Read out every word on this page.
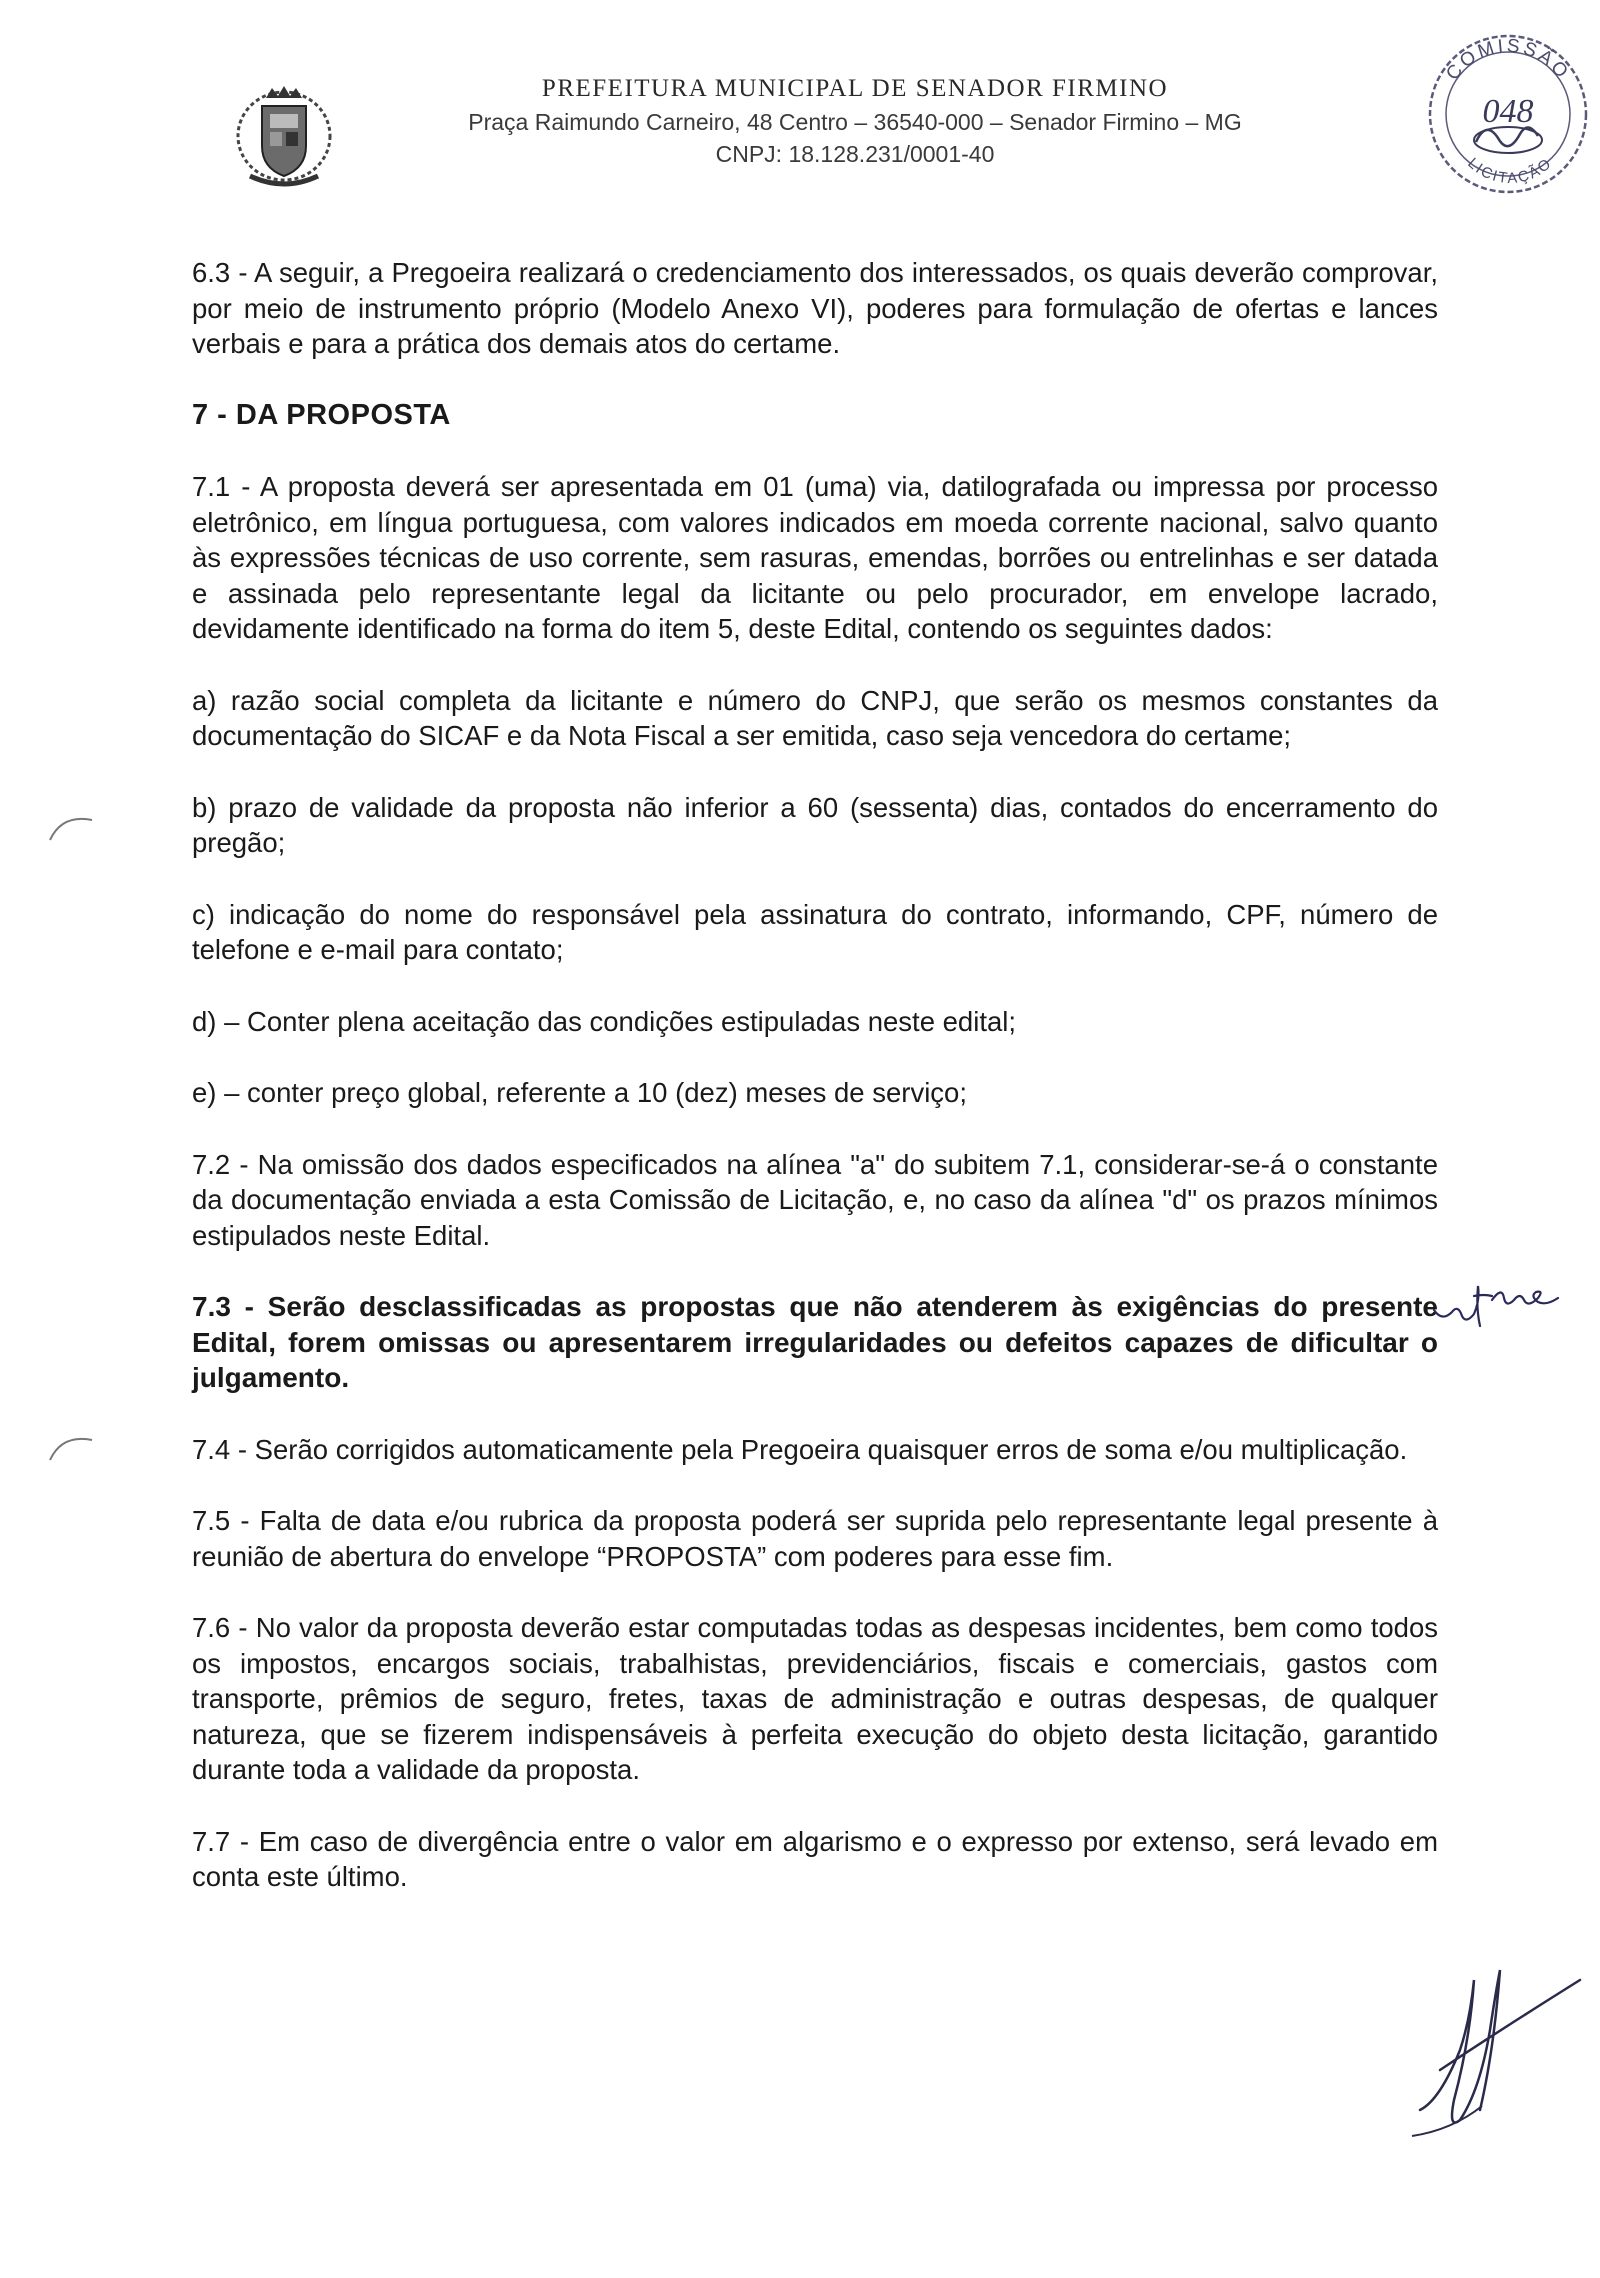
PREFEITURA MUNICIPAL DE SENADOR FIRMINO
Praça Raimundo Carneiro, 48 Centro – 36540-000 – Senador Firmino – MG
CNPJ: 18.128.231/0001-40
COMISSÃO
LICITAÇÃO
048

6.3 - A seguir, a Pregoeira realizará o credenciamento dos interessados, os quais deverão comprovar, por meio de instrumento próprio (Modelo Anexo VI), poderes para formulação de ofertas e lances verbais e para a prática dos demais atos do certame.

7 - DA PROPOSTA

7.1 - A proposta deverá ser apresentada em 01 (uma) via, datilografada ou impressa por processo eletrônico, em língua portuguesa, com valores indicados em moeda corrente nacional, salvo quanto às expressões técnicas de uso corrente, sem rasuras, emendas, borrões ou entrelinhas e ser datada e assinada pelo representante legal da licitante ou pelo procurador, em envelope lacrado, devidamente identificado na forma do item 5, deste Edital, contendo os seguintes dados:

a) razão social completa da licitante e número do CNPJ, que serão os mesmos constantes da documentação do SICAF e da Nota Fiscal a ser emitida, caso seja vencedora do certame;

b) prazo de validade da proposta não inferior a 60 (sessenta) dias, contados do encerramento do pregão;

c) indicação do nome do responsável pela assinatura do contrato, informando, CPF, número de telefone e e-mail para contato;

d) – Conter plena aceitação das condições estipuladas neste edital;

e) – conter preço global, referente a 10 (dez) meses de serviço;

7.2 - Na omissão dos dados especificados na alínea "a" do subitem 7.1, considerar-se-á o constante da documentação enviada a esta Comissão de Licitação, e, no caso da alínea "d" os prazos mínimos estipulados neste Edital.

7.3 - Serão desclassificadas as propostas que não atenderem às exigências do presente Edital, forem omissas ou apresentarem irregularidades ou defeitos capazes de dificultar o julgamento.

7.4 - Serão corrigidos automaticamente pela Pregoeira quaisquer erros de soma e/ou multiplicação.

7.5 - Falta de data e/ou rubrica da proposta poderá ser suprida pelo representante legal presente à reunião de abertura do envelope “PROPOSTA” com poderes para esse fim.

7.6 - No valor da proposta deverão estar computadas todas as despesas incidentes, bem como todos os impostos, encargos sociais, trabalhistas, previdenciários, fiscais e comerciais, gastos com transporte, prêmios de seguro, fretes, taxas de administração e outras despesas, de qualquer natureza, que se fizerem indispensáveis à perfeita execução do objeto desta licitação, garantido durante toda a validade da proposta.

7.7 - Em caso de divergência entre o valor em algarismo e o expresso por extenso, será levado em conta este último.
